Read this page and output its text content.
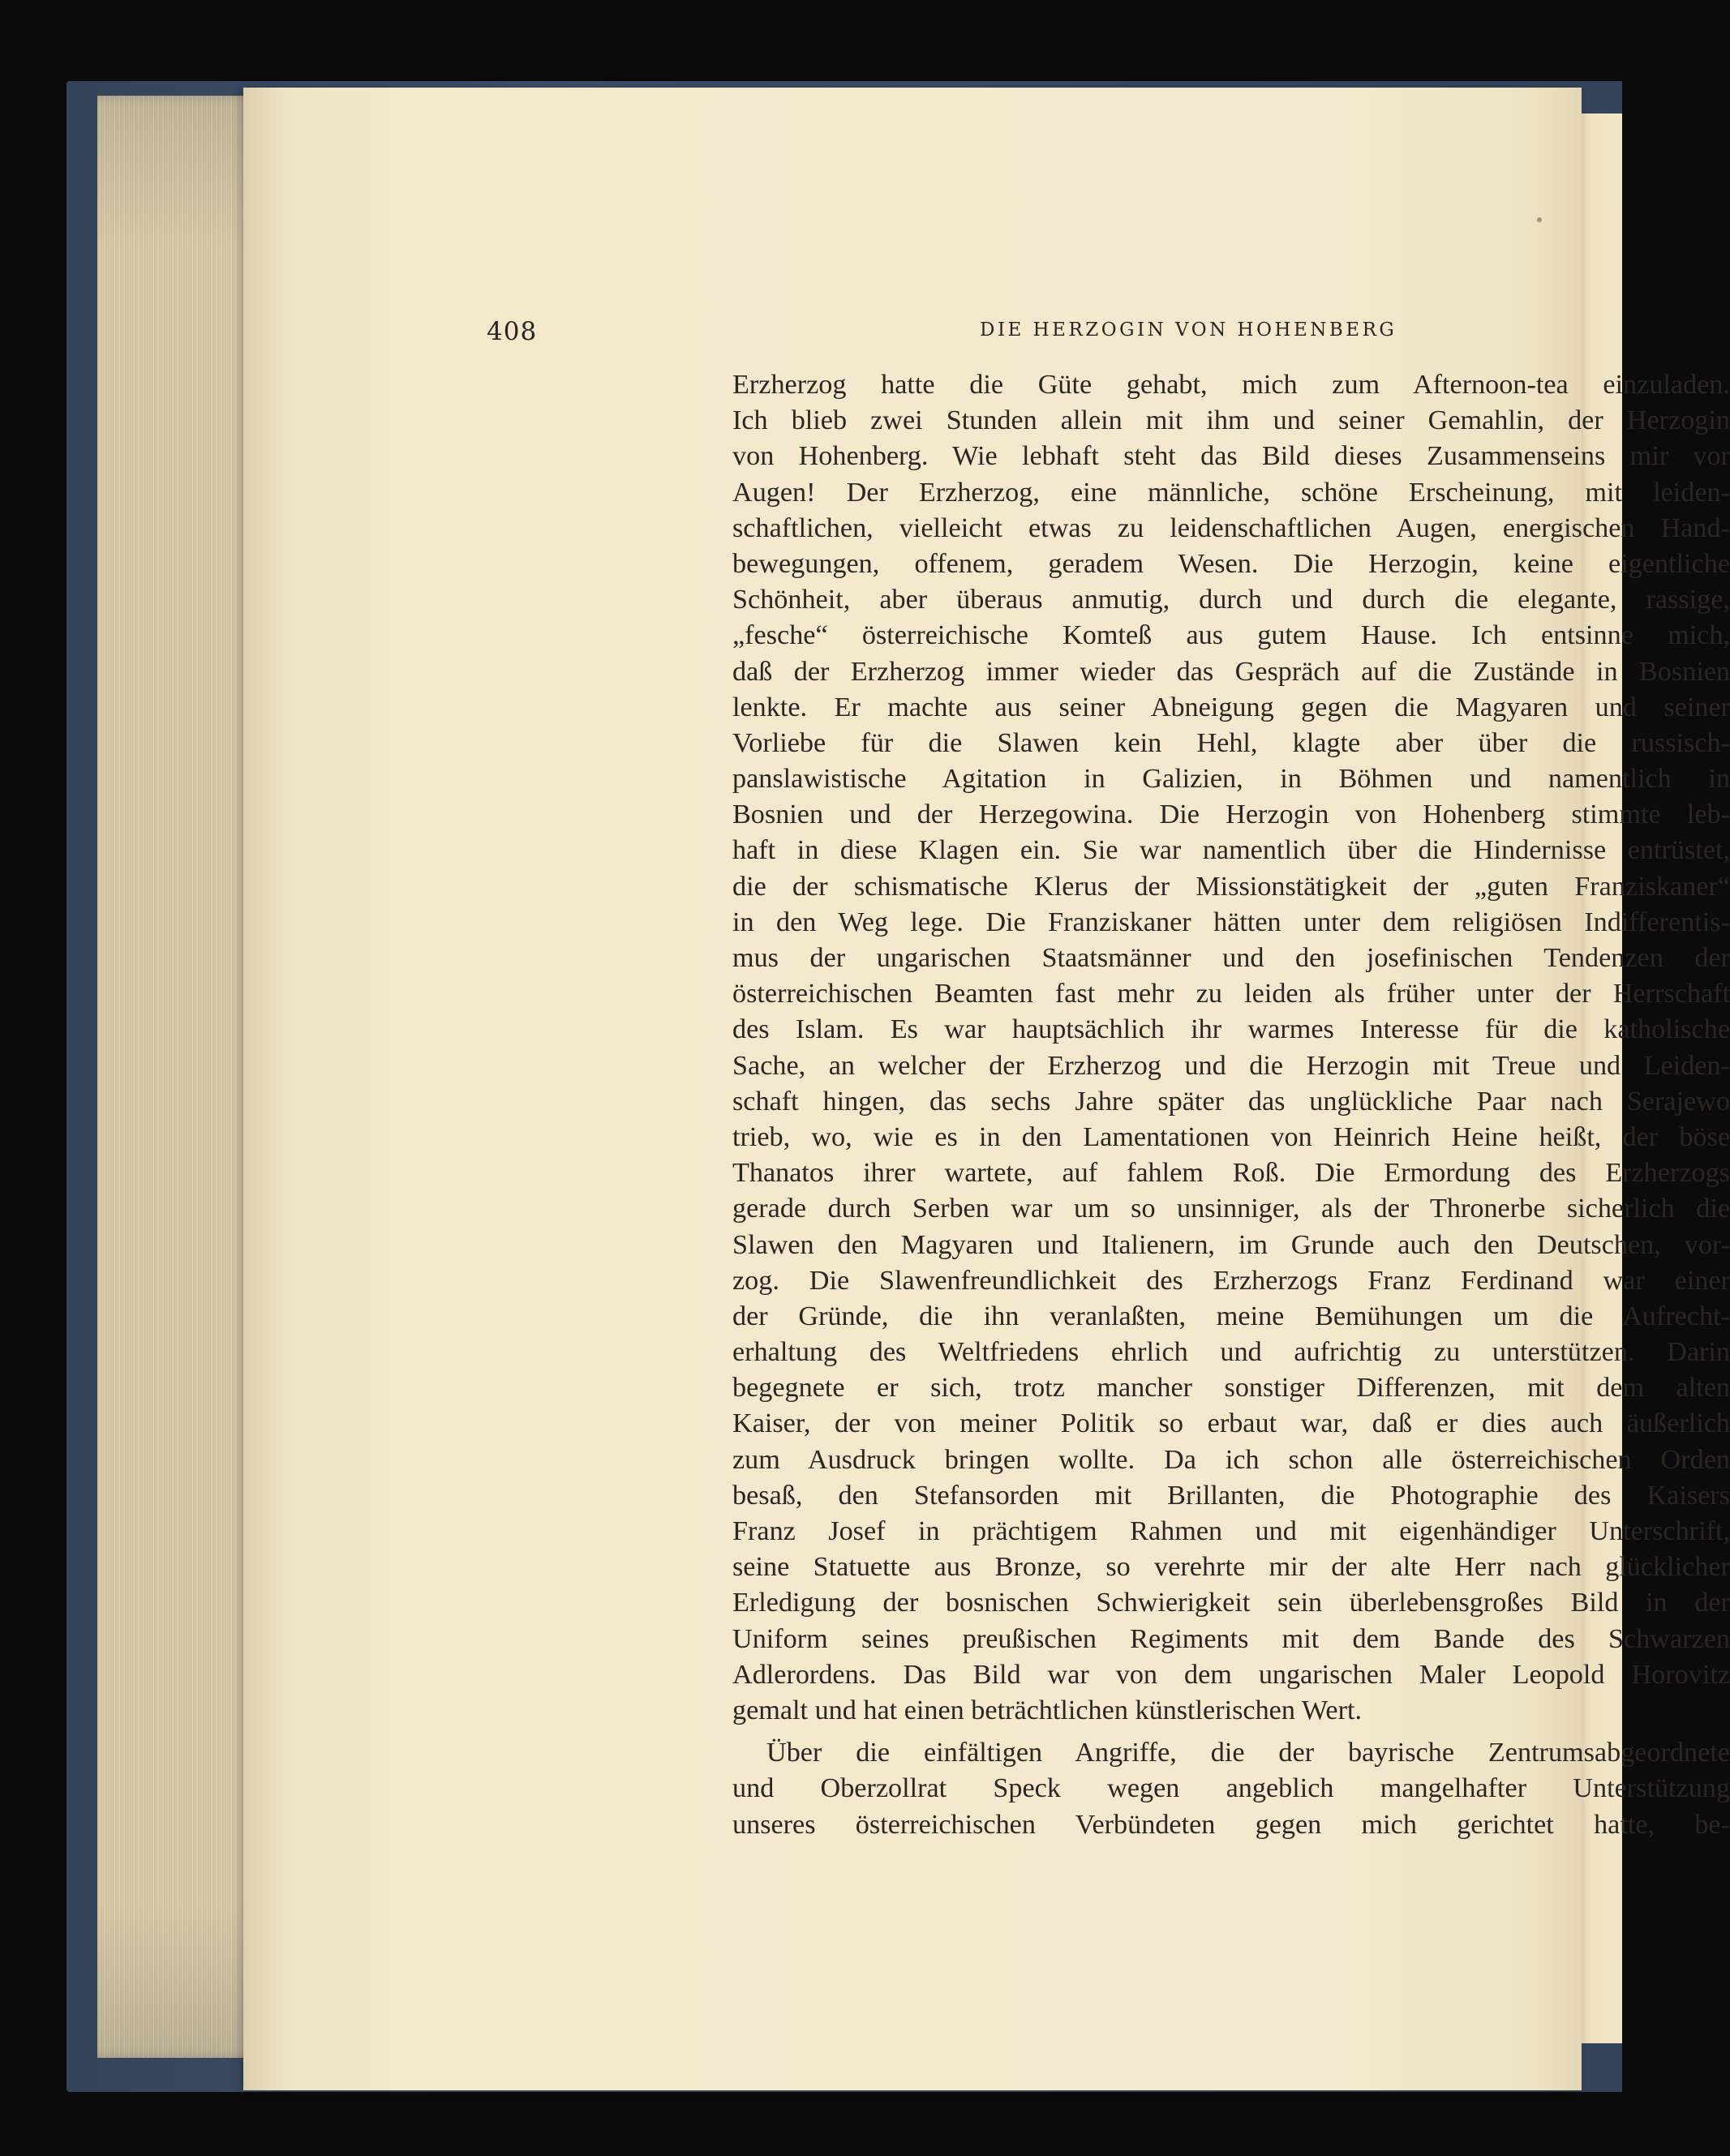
408	DIE HERZOGIN VON HOHENBERG
Erzherzog hatte die Güte gehabt, mich zum Afternoon-tea einzuladen.
Ich blieb zwei Stunden allein mit ihm und seiner Gemahlin, der Herzogin
von Hohenberg. Wie lebhaft steht das Bild dieses Zusammenseins mir vor
Augen! Der Erzherzog, eine männliche, schöne Erscheinung, mit leiden-
schaftlichen, vielleicht etwas zu leidenschaftlichen Augen, energischen Hand-
bewegungen, offenem, geradem Wesen. Die Herzogin, keine eigentliche
Schönheit, aber überaus anmutig, durch und durch die elegante, rassige,
„fesche“ österreichische Komteß aus gutem Hause. Ich entsinne mich,
daß der Erzherzog immer wieder das Gespräch auf die Zustände in Bosnien
lenkte. Er machte aus seiner Abneigung gegen die Magyaren und seiner
Vorliebe für die Slawen kein Hehl, klagte aber über die russisch-
panslawistische Agitation in Galizien, in Böhmen und namentlich in
Bosnien und der Herzegowina. Die Herzogin von Hohenberg stimmte leb-
haft in diese Klagen ein. Sie war namentlich über die Hindernisse entrüstet,
die der schismatische Klerus der Missionstätigkeit der „guten Franziskaner“
in den Weg lege. Die Franziskaner hätten unter dem religiösen Indifferentis-
mus der ungarischen Staatsmänner und den josefinischen Tendenzen der
österreichischen Beamten fast mehr zu leiden als früher unter der Herrschaft
des Islam. Es war hauptsächlich ihr warmes Interesse für die katholische
Sache, an welcher der Erzherzog und die Herzogin mit Treue und Leiden-
schaft hingen, das sechs Jahre später das unglückliche Paar nach Serajewo
trieb, wo, wie es in den Lamentationen von Heinrich Heine heißt, der böse
Thanatos ihrer wartete, auf fahlem Roß. Die Ermordung des Erzherzogs
gerade durch Serben war um so unsinniger, als der Thronerbe sicherlich die
Slawen den Magyaren und Italienern, im Grunde auch den Deutschen, vor-
zog. Die Slawenfreundlichkeit des Erzherzogs Franz Ferdinand war einer
der Gründe, die ihn veranlaßten, meine Bemühungen um die Aufrecht-
erhaltung des Weltfriedens ehrlich und aufrichtig zu unterstützen. Darin
begegnete er sich, trotz mancher sonstiger Differenzen, mit dem alten
Kaiser, der von meiner Politik so erbaut war, daß er dies auch äußerlich
zum Ausdruck bringen wollte. Da ich schon alle österreichischen Orden
besaß, den Stefansorden mit Brillanten, die Photographie des Kaisers
Franz Josef in prächtigem Rahmen und mit eigenhändiger Unterschrift,
seine Statuette aus Bronze, so verehrte mir der alte Herr nach glücklicher
Erledigung der bosnischen Schwierigkeit sein überlebensgroßes Bild in der
Uniform seines preußischen Regiments mit dem Bande des Schwarzen
Adlerordens. Das Bild war von dem ungarischen Maler Leopold Horovitz
gemalt und hat einen beträchtlichen künstlerischen Wert.
Über die einfältigen Angriffe, die der bayrische Zentrumsabgeordnete
und Oberzollrat Speck wegen angeblich mangelhafter Unterstützung
unseres österreichischen Verbündeten gegen mich gerichtet hatte, be-
